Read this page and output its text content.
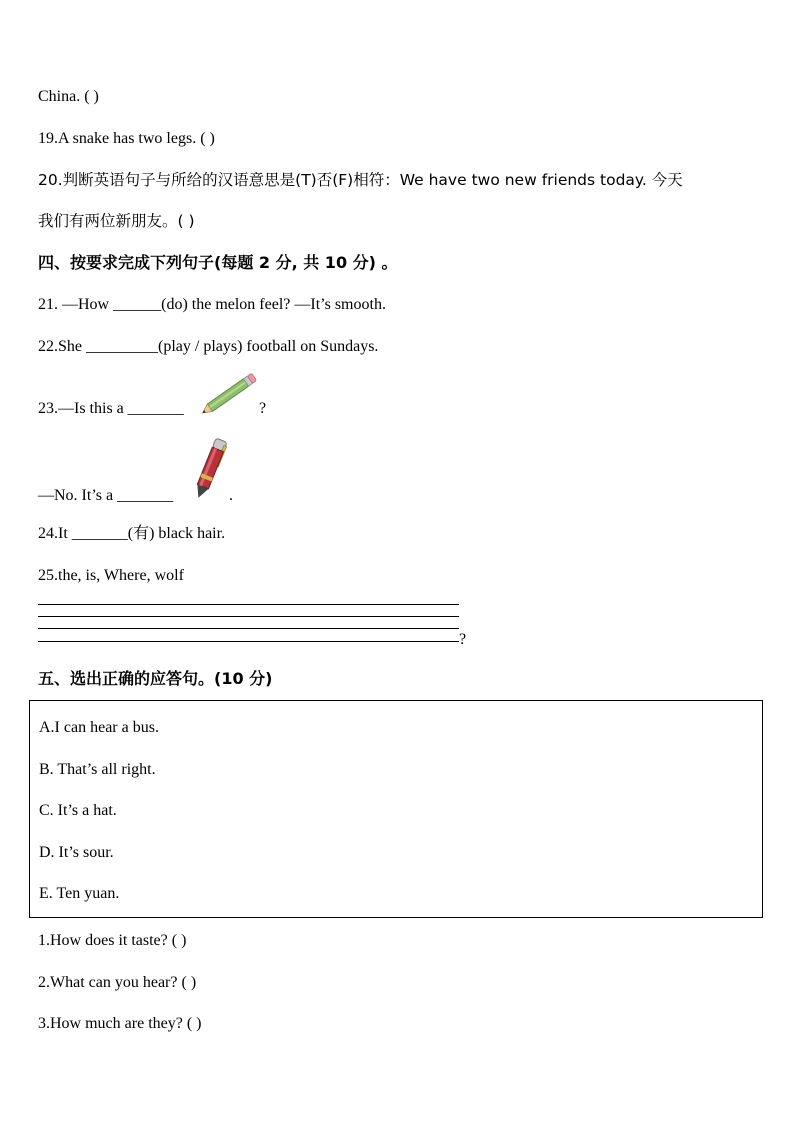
China. ( )
19.A snake has two legs. ( )
20.判断英语句子与所给的汉语意思是(T)否(F)相符：We have two new friends today. 今天
我们有两位新朋友。( )
四、按要求完成下列句子(每题 2 分, 共 10 分) 。
21. —How ______(do) the melon feel? —It’s smooth.
22.She _________(play / plays) football on Sundays.
23.—Is this a _______	?
—No. It’s a _______	.
24.It _______(有) black hair.
25.the, is, Where, wolf
?
五、选出正确的应答句。(10 分)
A.I can hear a bus.
B. That’s all right.
C. It’s a hat.
D. It’s sour.
E. Ten yuan.
1.How does it taste? ( )
2.What can you hear? ( )
3.How much are they? ( )
